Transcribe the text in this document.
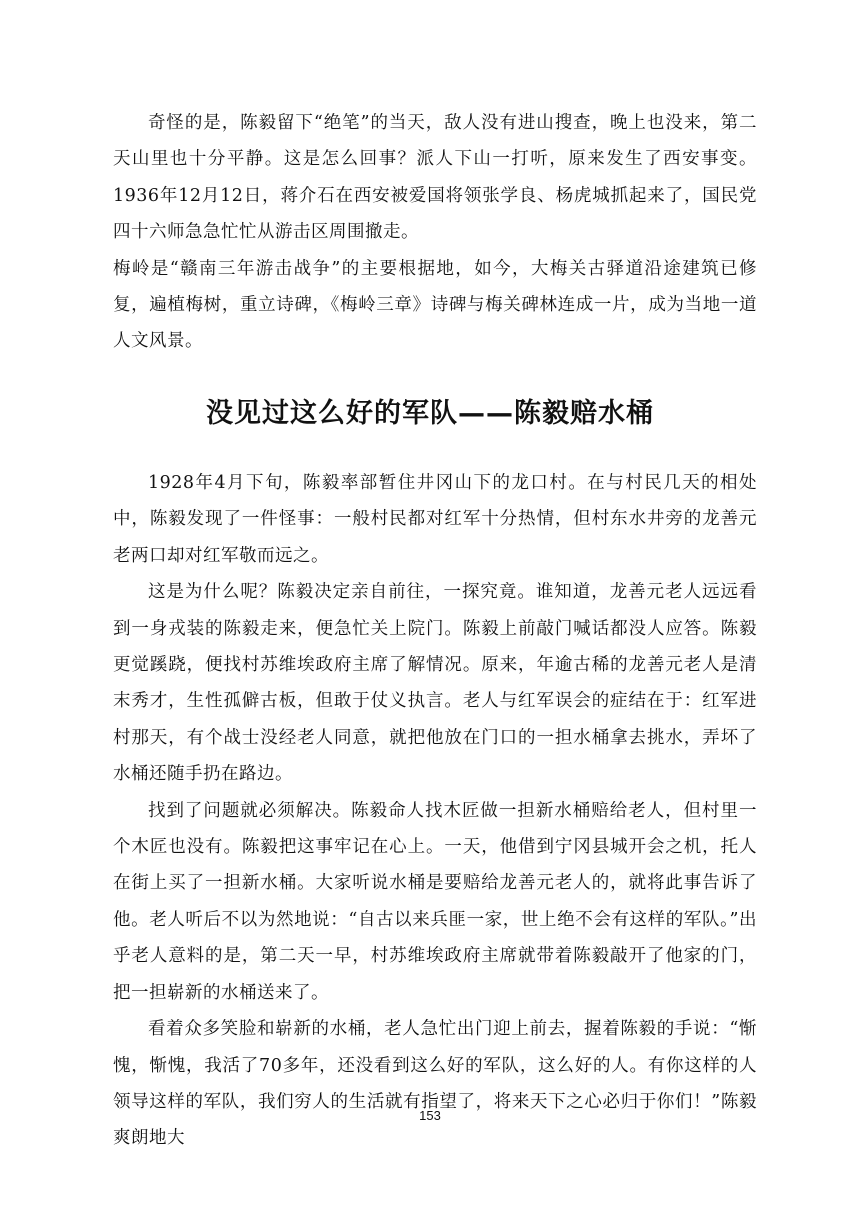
奇怪的是，陈毅留下“绝笔”的当天，敌人没有进山搜查，晚上也没来，第二天山里也十分平静。这是怎么回事？派人下山一打听，原来发生了西安事变。1936年12月12日，蒋介石在西安被爱国将领张学良、杨虎城抓起来了，国民党四十六师急急忙忙从游击区周围撤走。

梅岭是“赣南三年游击战争”的主要根据地，如今，大梅关古驿道沿途建筑已修复，遍植梅树，重立诗碑，《梅岭三章》诗碑与梅关碑林连成一片，成为当地一道人文风景。

没见过这么好的军队——陈毅赔水桶

1928年4月下旬，陈毅率部暂住井冈山下的龙口村。在与村民几天的相处中，陈毅发现了一件怪事：一般村民都对红军十分热情，但村东水井旁的龙善元老两口却对红军敬而远之。

这是为什么呢？陈毅决定亲自前往，一探究竟。谁知道，龙善元老人远远看到一身戎装的陈毅走来，便急忙关上院门。陈毅上前敲门喊话都没人应答。陈毅更觉蹊跷，便找村苏维埃政府主席了解情况。原来，年逾古稀的龙善元老人是清末秀才，生性孤僻古板，但敢于仗义执言。老人与红军误会的症结在于：红军进村那天，有个战士没经老人同意，就把他放在门口的一担水桶拿去挑水，弄坏了水桶还随手扔在路边。

找到了问题就必须解决。陈毅命人找木匠做一担新水桶赔给老人，但村里一个木匠也没有。陈毅把这事牢记在心上。一天，他借到宁冈县城开会之机，托人在街上买了一担新水桶。大家听说水桶是要赔给龙善元老人的，就将此事告诉了他。老人听后不以为然地说：“自古以来兵匪一家，世上绝不会有这样的军队。”出乎老人意料的是，第二天一早，村苏维埃政府主席就带着陈毅敲开了他家的门，把一担崭新的水桶送来了。

看着众多笑脸和崭新的水桶，老人急忙出门迎上前去，握着陈毅的手说：“惭愧，惭愧，我活了70多年，还没看到这么好的军队，这么好的人。有你这样的人领导这样的军队，我们穷人的生活就有指望了，将来天下之心必归于你们！”陈毅爽朗地大

153
